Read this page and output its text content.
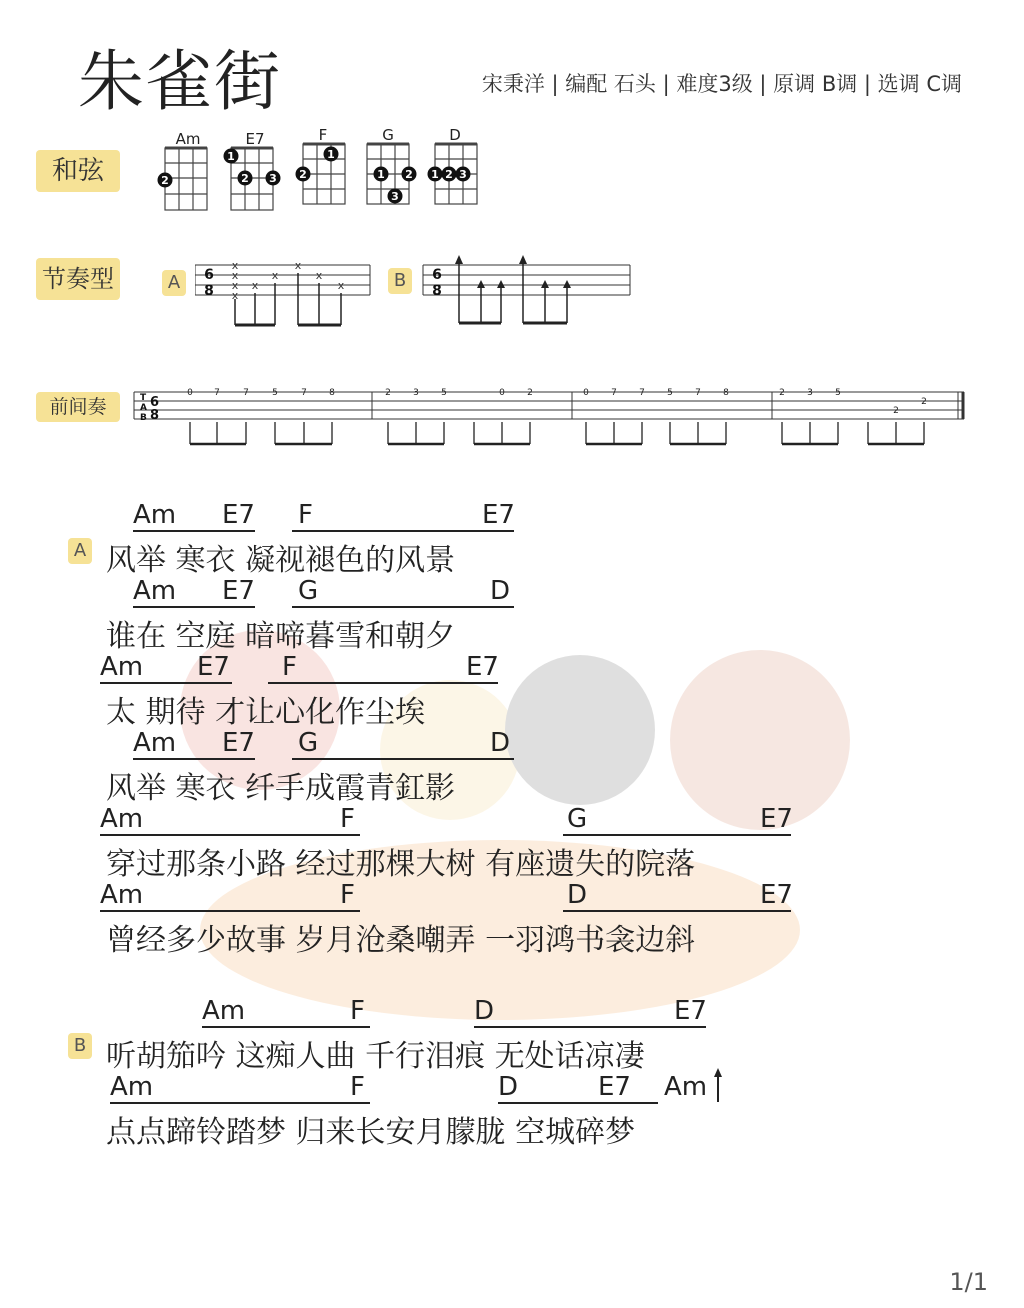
朱雀街	宋秉洋 | 编配 石头 | 难度3级 | 原调 B调 | 选调 C调
和弦
Am	E7	F	G	D
2
1
2 3 2
1
1 2
3
1 2 3
节奏型	A	B
6
8
6
8
x
x
x
x
x
x
x
x
x
前间奏	T
A
B
6
8
0 7	7	5	7 8	2 3 5	0 2	0 7 7 5 7 8	2 3 5
2
2
A
B
Am E7 F	E7
风举 寒衣 凝视褪色的风景
Am E7 G	D
谁在 空庭 暗啼暮雪和朝夕
Am E7 F	E7
太 期待 才让心化作尘埃
Am E7 G	D
风举 寒衣 纤手成霞青釭影
Am	F	G	E7
穿过那条小路 经过那棵大树 有座遗失的院落
Am	F	D	E7
曾经多少故事 岁月沧桑嘲弄 一羽鸿书衾边斜
Am	F	D	E7
听胡笳吟 这痴人曲 千行泪痕 无处话凉凄
Am	F	D	E7 Am
点点蹄铃踏梦 归来长安月朦胧 空城碎梦
1/1
